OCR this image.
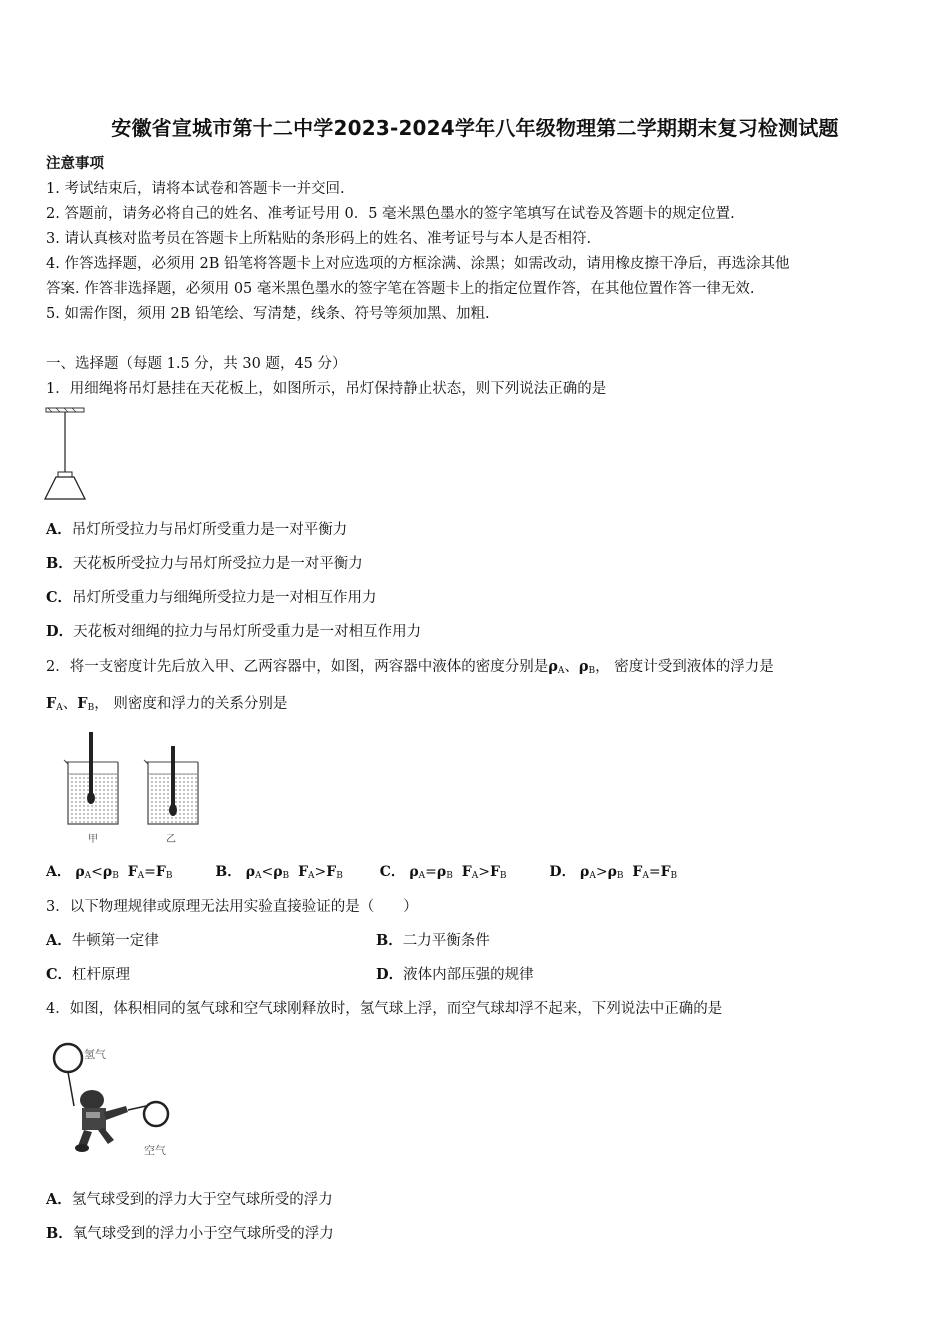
安徽省宣城市第十二中学2023-2024学年八年级物理第二学期期末复习检测试题
注意事项
1. 考试结束后，请将本试卷和答题卡一并交回.
2. 答题前，请务必将自己的姓名、准考证号用 0．5 毫米黑色墨水的签字笔填写在试卷及答题卡的规定位置.
3. 请认真核对监考员在答题卡上所粘贴的条形码上的姓名、准考证号与本人是否相符.
4. 作答选择题，必须用 2B 铅笔将答题卡上对应选项的方框涂满、涂黑；如需改动，请用橡皮擦干净后，再选涂其他
答案. 作答非选择题，必须用 05 毫米黑色墨水的签字笔在答题卡上的指定位置作答，在其他位置作答一律无效.
5. 如需作图，须用 2B 铅笔绘、写清楚，线条、符号等须加黑、加粗.
一、选择题（每题 1.5 分，共 30 题，45 分）
1．用细绳将吊灯悬挂在天花板上，如图所示，吊灯保持静止状态，则下列说法正确的是
A．吊灯所受拉力与吊灯所受重力是一对平衡力
B．天花板所受拉力与吊灯所受拉力是一对平衡力
C．吊灯所受重力与细绳所受拉力是一对相互作用力
D．天花板对细绳的拉力与吊灯所受重力是一对相互作用力
2．将一支密度计先后放入甲、乙两容器中，如图，两容器中液体的密度分别是$\rho_A$、$\rho_B$， 密度计受到液体的浮力是
$F_A$、$F_B$， 则密度和浮力的关系分别是
甲	乙
A． $\rho_A<\rho_B$ $F_A=F_B$	B． $\rho_A<\rho_B$ $F_A>F_B$	C． $\rho_A=\rho_B$ $F_A>F_B$	D． $\rho_A>\rho_B$ $F_A=F_B$
3．以下物理规律或原理无法用实验直接验证的是（　　）
A．牛顿第一定律	B．二力平衡条件
C．杠杆原理	D．液体内部压强的规律
4．如图，体积相同的氢气球和空气球刚释放时，氢气球上浮，而空气球却浮不起来，下列说法中正确的是
氢气
空气
A．氢气球受到的浮力大于空气球所受的浮力
B．氧气球受到的浮力小于空气球所受的浮力
